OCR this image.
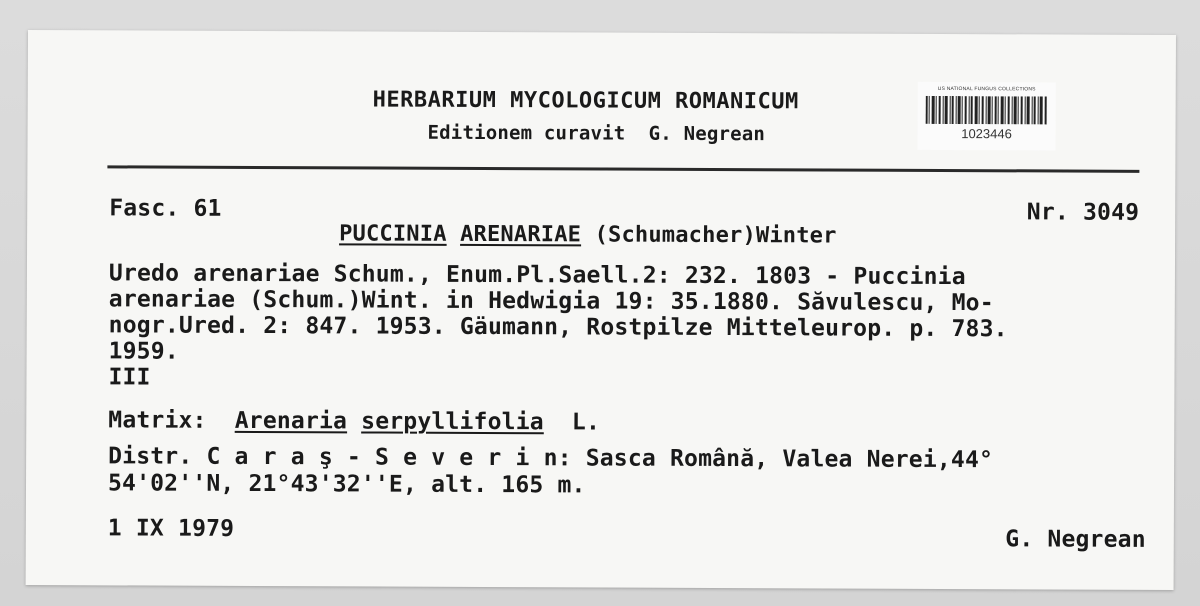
HERBARIUM MYCOLOGICUM ROMANICUM
Editionem curavit  G. Negrean
US NATIONAL FUNGUS COLLECTIONS
1023446
Fasc. 61	Nr. 3049
PUCCINIA ARENARIAE (Schumacher)Winter
Uredo arenariae Schum., Enum.Pl.Saell.2: 232. 1803 - Puccinia
arenariae (Schum.)Wint. in Hedwigia 19: 35.1880. Săvulescu, Mo-
nogr.Ured. 2: 847. 1953. Gäumann, Rostpilze Mitteleurop. p. 783.
1959.
III
Matrix: Arenaria serpyllifolia L.
Distr. C a r a ş - S e v e r i n: Sasca Română, Valea Nerei,44°
54'02''N, 21°43'32''E, alt. 165 m.
1 IX 1979	G. Negrean
